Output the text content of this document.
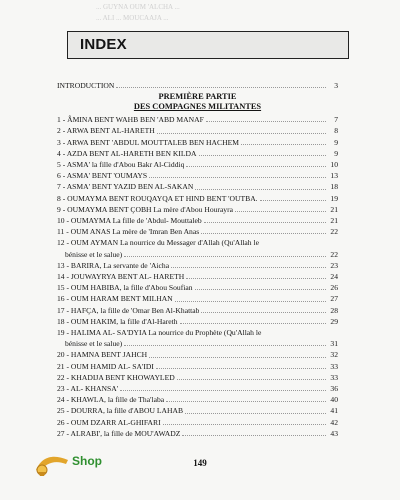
... GUYNA OUM 'ALCHA ...
... ALI ... MOUCAAJA ...
INDEX
INTRODUCTION	3
PREMIÈRE PARTIE
DES COMPAGNES MILITANTES
1 - ÂMINA BENT WAHB BEN 'ABD MANAF	7
2 - ARWA BENT AL-HARETH	8
3 - ARWA BENT 'ABDUL MOUTTALEB BEN HACHEM	9
4 - AZDA BENT AL-HARETH BEN KILDA	9
5 - ASMA' la fille d'Abou Bakr Al-Ciddiq	10
6 - ASMA' BENT 'OUMAYS	13
7 - ASMA' BENT YAZID BEN AL-SAKAN	18
8 - OUMAYMA BENT ROUQAYQA ET HIND BENT 'OUTBA.	19
9 - OUMAYMA BENT ÇOBH La mère d'Abou Hourayra	21
10 - OUMAYMA La fille de 'Abdul- Mouttaleb	21
11 - OUM ANAS La mère de 'Imran Ben Anas	22
12 - OUM AYMAN La nourrice du Messager d'Allah (Qu'Allah le
bénisse et le salue)	22
13 - BARIRA, La servante de 'Aicha	23
14 - JOUWAYRYA BENT AL- HARETH	24
15 - OUM HABIBA, la fille d'Abou Soufian	26
16 - OUM HARAM BENT MILHAN	27
17 - HAFÇA, la fille de 'Omar Ben Al-Khattab	28
18 - OUM HAKIM, la fille d'Al-Hareth	29
19 - HALIMA AL- SA'DYIA La nourrice du Prophète (Qu'Allah le
bénisse et le salue)	31
20 - HAMNA BENT JAHCH	32
21 - OUM HAMID AL- SA'IDI	33
22 - KHADIJA BENT KHOWAYLED	33
23 - AL- KHANSA'	36
24 - KHAWLA, la fille de Tha'laba	40
25 - DOURRA, la fille d'ABOU LAHAB	41
26 - OUM DZARR AL-GHIFARI	42
27 - ALRABI', la fille de MOU'AWADZ	43
Shop	149
